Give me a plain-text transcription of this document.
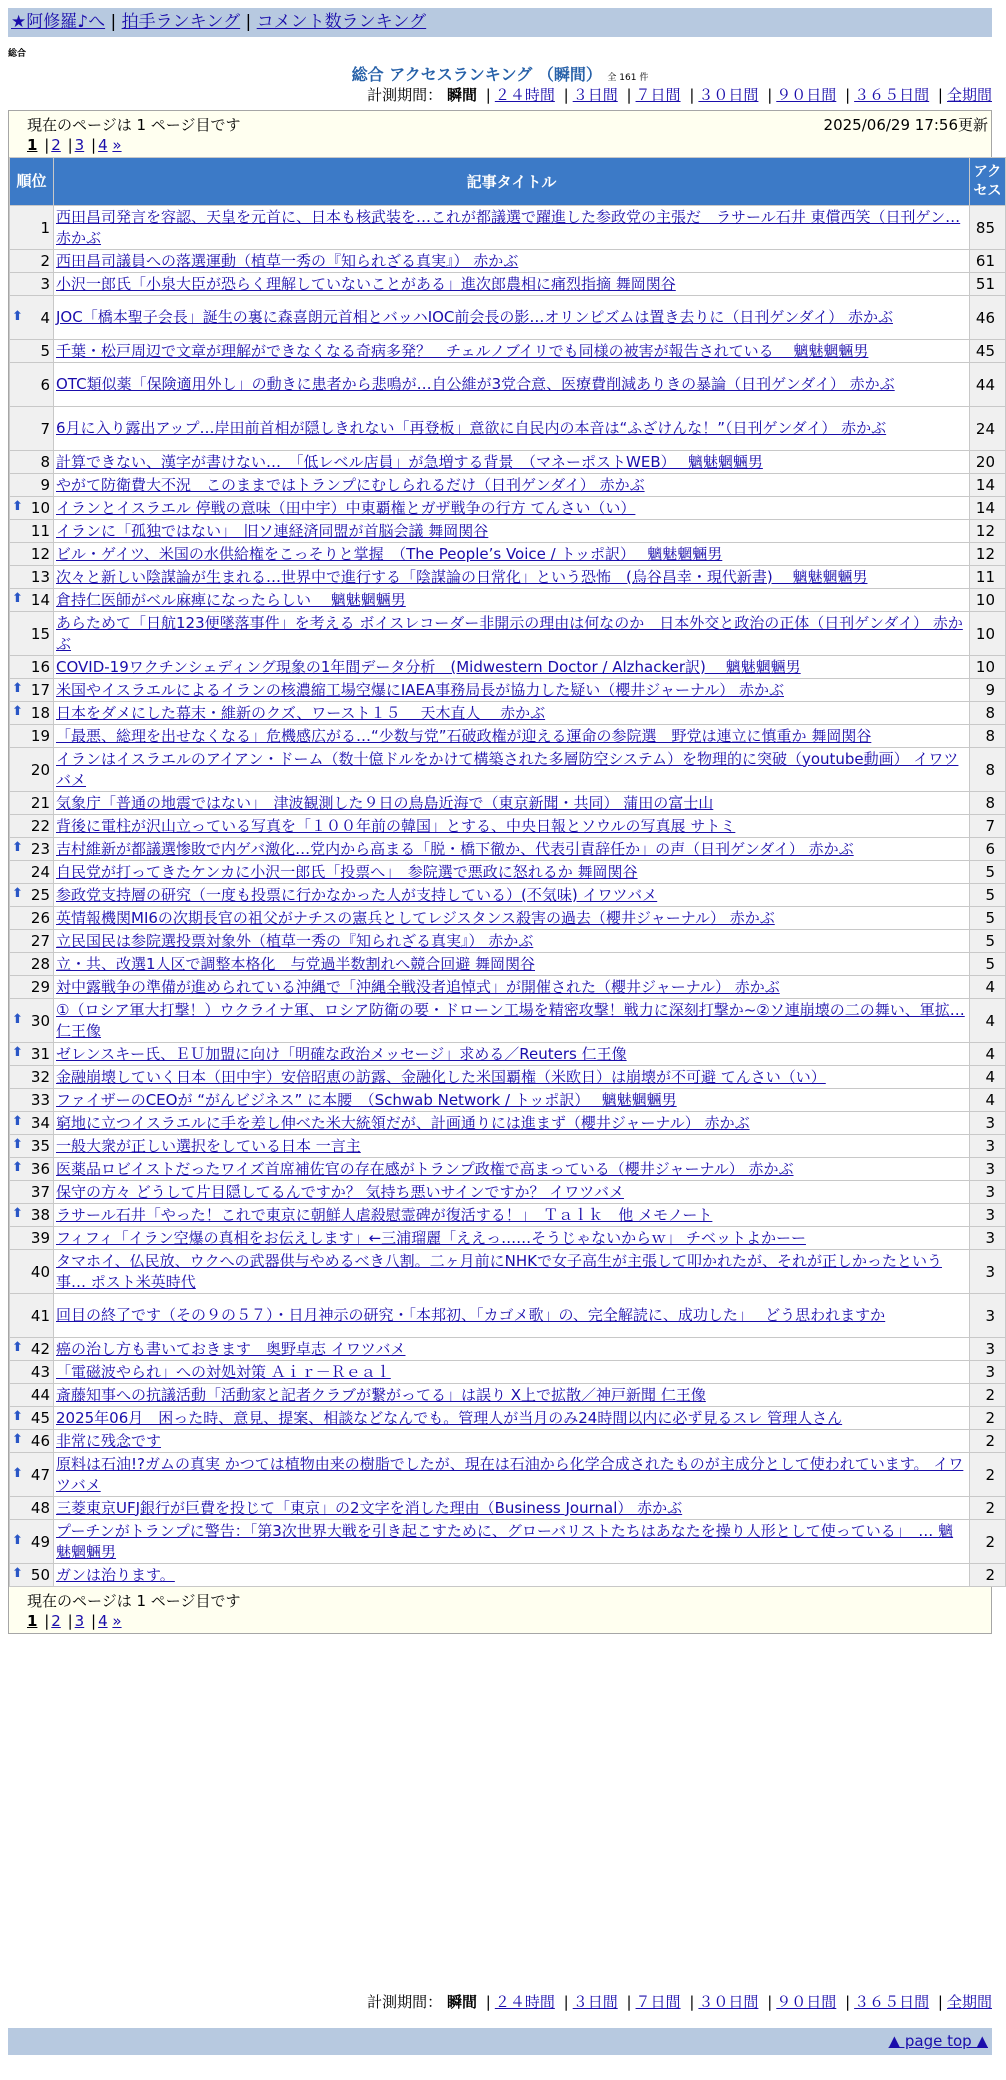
★阿修羅♪へ | 拍手ランキング | コメント数ランキング
総合
総合 アクセスランキング （瞬間） 全 161 件
計測期間： 瞬間 | ２４時間 | ３日間 | ７日間 | ３０日間 | ９０日間 | ３６５日間 | 全期間
現在のページは 1 ページ目です	2025/06/29 17:56更新
1 | 2 | 3 | 4 »
順位	記事タイトル	アクセス
1	西田昌司発言を容認、天皇を元首に、日本も核武装を…これが都議選で躍進した参政党の主張だ　ラサール石井 東償西笑（日刊ゲン… 赤かぶ	85
2	西田昌司議員への落選運動（植草一秀の『知られざる真実』） 赤かぶ	61
3	小沢一郎氏「小泉大臣が恐らく理解していないことがある」進次郎農相に痛烈指摘 舞岡関谷	51

⬆ 4	JOC「橋本聖子会長」誕生の裏に森喜朗元首相とバッハIOC前会長の影…オリンピズムは置き去りに（日刊ゲンダイ） 赤かぶ	46
5	千葉・松戸周辺で文章が理解ができなくなる奇病多発？　チェルノブイリでも同様の被害が報告されている　 魑魅魍魎男	45
6	OTC類似薬「保険適用外し」の動きに患者から悲鳴が…自公維が3党合意、医療費削減ありきの暴論（日刊ゲンダイ） 赤かぶ	44
7	6月に入り露出アップ…岸田前首相が隠しきれない「再登板」意欲に自民内の本音は“ふざけんな！”（日刊ゲンダイ） 赤かぶ	24
8	計算できない、漢字が書けない…　「低レベル店員」が急増する背景　（マネーポストWEB）　 魑魅魍魎男	20
9	やがて防衛費大不況　このままではトランプにむしられるだけ（日刊ゲンダイ） 赤かぶ	14

⬆ 10	イランとイスラエル 停戦の意味（田中宇）中東覇権とガザ戦争の行方 てんさい（い）	14
11	イランに「孤独ではない」　旧ソ連経済同盟が首脳会議 舞岡関谷	12
12	ビル・ゲイツ、米国の水供給権をこっそりと掌握　（The People’s Voice / トッポ訳）　 魑魅魍魎男	12
13	次々と新しい陰謀論が生まれる…世界中で進行する「陰謀論の日常化」という恐怖　(烏谷昌幸・現代新書)　 魑魅魍魎男	11

⬆ 14	倉持仁医師がベル麻痺になったらしい　 魑魅魍魎男	10
15	あらためて「日航123便墜落事件」を考える ボイスレコーダー非開示の理由は何なのか　日本外交と政治の正体（日刊ゲンダイ） 赤かぶ	10
16	COVID-19ワクチンシェディング現象の1年間データ分析　(Midwestern Doctor / Alzhacker訳)　 魑魅魍魎男	10

⬆ 17	米国やイスラエルによるイランの核濃縮工場空爆にIAEA事務局長が協力した疑い（櫻井ジャーナル） 赤かぶ	9

⬆ 18	日本をダメにした幕末・維新のクズ、ワースト１５　 天木直人　 赤かぶ	8
19	「最悪、総理を出せなくなる」危機感広がる…“少数与党”石破政権が迎える運命の参院選　野党は連立に慎重か 舞岡関谷	8
20	イランはイスラエルのアイアン・ドーム（数十億ドルをかけて構築された多層防空システム）を物理的に突破（youtube動画） イワツバメ	8
21	気象庁「普通の地震ではない」　津波観測した９日の鳥島近海で（東京新聞・共同） 蒲田の富士山	8
22	背後に電柱が沢山立っている写真を「１００年前の韓国」とする、中央日報とソウルの写真展 サトミ	7

⬆ 23	吉村維新が都議選惨敗で内ゲバ激化…党内から高まる「脱・橋下徹か、代表引責辞任か」の声（日刊ゲンダイ） 赤かぶ	6
24	自民党が打ってきたケンカに小沢一郎氏「投票へ」　参院選で悪政に怒れるか 舞岡関谷	5

⬆ 25	参政党支持層の研究（一度も投票に行かなかった人が支持している）(不気味) イワツバメ	5
26	英情報機関MI6の次期長官の祖父がナチスの憲兵としてレジスタンス殺害の過去（櫻井ジャーナル） 赤かぶ	5
27	立民国民は参院選投票対象外（植草一秀の『知られざる真実』） 赤かぶ	5
28	立・共、改選1人区で調整本格化　与党過半数割れへ競合回避 舞岡関谷	5
29	対中露戦争の準備が進められている沖縄で「沖縄全戦没者追悼式」が開催された（櫻井ジャーナル） 赤かぶ	4

⬆ 30	①（ロシア軍大打撃！）ウクライナ軍、ロシア防衛の要・ドローン工場を精密攻撃！戦力に深刻打撃か~②ソ連崩壊の二の舞い、軍拡… 仁王像	4

⬆ 31	ゼレンスキー氏、ＥＵ加盟に向け「明確な政治メッセージ」求める／Reuters 仁王像	4
32	金融崩壊していく日本（田中宇）安倍昭恵の訪露、金融化した米国覇権（米欧日）は崩壊が不可避 てんさい（い）	4
33	ファイザーのCEOが “がんビジネス” に本腰　（Schwab Network / トッポ訳）　 魑魅魍魎男	4

⬆ 34	窮地に立つイスラエルに手を差し伸べた米大統領だが、計画通りには進まず（櫻井ジャーナル） 赤かぶ	3

⬆ 35	一般大衆が正しい選択をしている日本 一言主	3

⬆ 36	医薬品ロビイストだったワイズ首席補佐官の存在感がトランプ政権で高まっている（櫻井ジャーナル） 赤かぶ	3
37	保守の方々 どうして片目隠してるんですか？ 気持ち悪いサインですか？ イワツバメ	3

⬆ 38	ラサール石井「やった！これで東京に朝鮮人虐殺慰霊碑が復活する！」　Ｔａｌｋ　他 メモノート	3
39	フィフィ「イラン空爆の真相をお伝えします」←三浦瑠麗「ええっ……そうじゃないからｗ」 チベットよかーー	3
40	タマホイ、仏民放、ウクへの武器供与やめるべき八割。二ヶ月前にNHKで女子高生が主張して叩かれたが、それが正しかったという事… ポスト米英時代	3
41	回目の終了です（その９の５７）・日月神示の研究・「本邦初、「カゴメ歌」の、完全解読に、成功した」　 どう思われますか	3

⬆ 42	癌の治し方も書いておきます　奥野卓志 イワツバメ	3
43	「電磁波やられ」への対処対策 Ａｉｒ－Ｒｅａｌ	3
44	斎藤知事への抗議活動「活動家と記者クラブが繋がってる」は誤り X上で拡散／神戸新聞 仁王像	2

⬆ 45	2025年06月　困った時、意見、提案、相談などなんでも。管理人が当月のみ24時間以内に必ず見るスレ 管理人さん	2

⬆ 46	非常に残念です	2

⬆ 47	原料は石油!?ガムの真実 かつては植物由来の樹脂でしたが、現在は石油から化学合成されたものが主成分として使われています。 イワツバメ	2
48	三菱東京UFJ銀行が巨費を投じて「東京」の2文字を消した理由（Business Journal） 赤かぶ	2

⬆ 49	プーチンがトランプに警告：「第3次世界大戦を引き起こすために、グローバリストたちはあなたを操り人形として使っている」　… 魑魅魍魎男	2

⬆ 50	ガンは治ります。	2
現在のページは 1 ページ目です
1 | 2 | 3 | 4 »
計測期間： 瞬間 | ２４時間 | ３日間 | ７日間 | ３０日間 | ９０日間 | ３６５日間 | 全期間
▲ page top ▲
